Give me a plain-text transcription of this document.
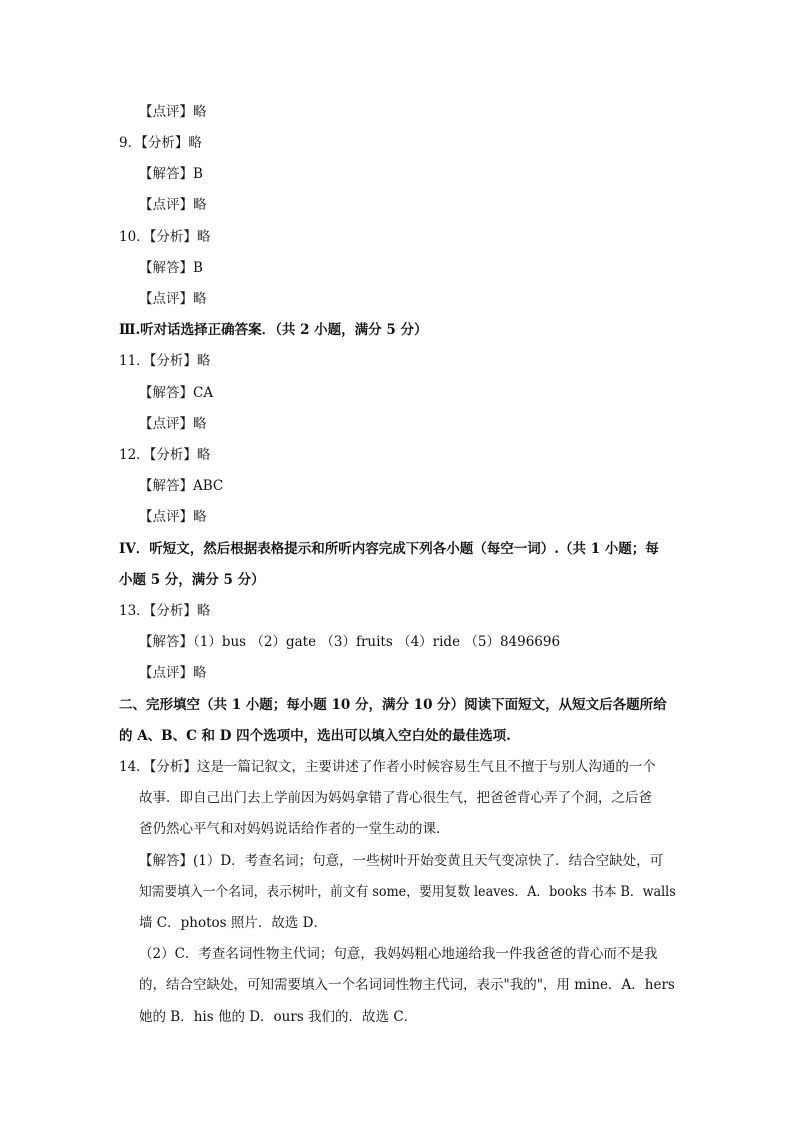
【点评】略
9．【分析】略
【解答】B
【点评】略
10．【分析】略
【解答】B
【点评】略
Ⅲ.听对话选择正确答案．（共 2 小题，满分 5 分）
11．【分析】略
【解答】CA
【点评】略
12．【分析】略
【解答】ABC
【点评】略
IV．听短文，然后根据表格提示和所听内容完成下列各小题（每空一词）.（共 1 小题；每
小题 5 分，满分 5 分）
13．【分析】略
【解答】（1）bus （2）gate （3）fruits （4）ride （5）8496696
【点评】略
二、完形填空（共 1 小题；每小题 10 分，满分 10 分）阅读下面短文，从短文后各题所给
的 A、B、C 和 D 四个选项中，选出可以填入空白处的最佳选项.
14．【分析】这是一篇记叙文，主要讲述了作者小时候容易生气且不擅于与别人沟通的一个
故事．即自己出门去上学前因为妈妈拿错了背心很生气，把爸爸背心弄了个洞，之后爸
爸仍然心平气和对妈妈说话给作者的一堂生动的课．
【解答】(1）D．考查名词；句意，一些树叶开始变黄且天气变凉快了．结合空缺处，可
知需要填入一个名词，表示树叶，前文有 some，要用复数 leaves．A．books 书本 B．walls
墙 C．photos 照片．故选 D．
（2）C．考查名词性物主代词；句意，我妈妈粗心地递给我一件我爸爸的背心而不是我
的，结合空缺处，可知需要填入一个名词词性物主代词，表示"我的"，用 mine．A．hers
她的 B．his 他的 D．ours 我们的．故选 C．
